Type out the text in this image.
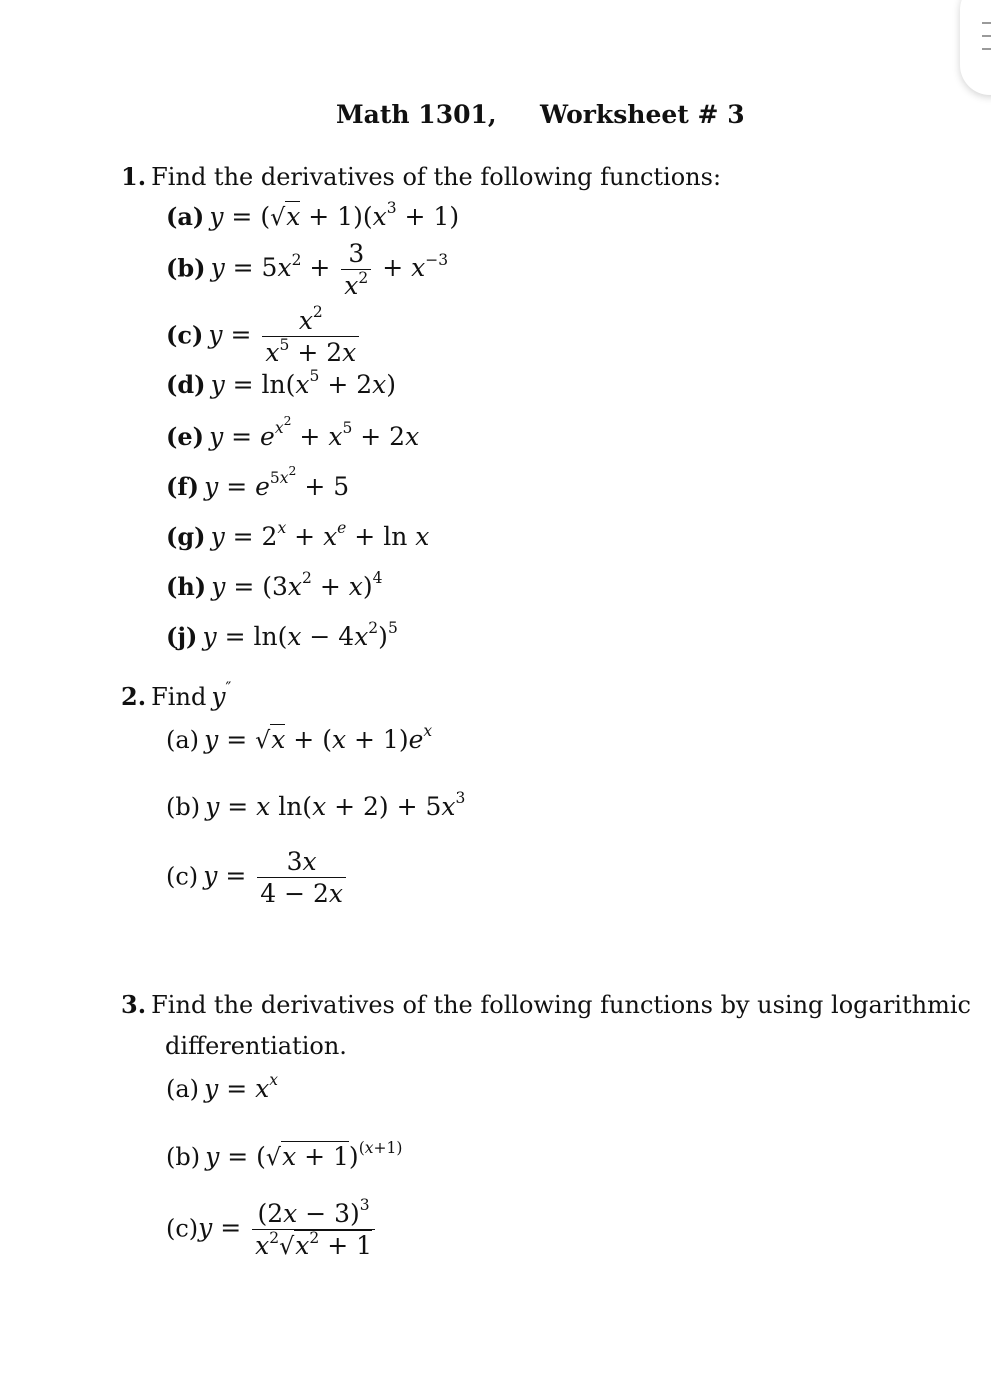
Math 1301, Worksheet # 3
1. Find the derivatives of the following functions:
(a) $y = (√x + 1)(x^3 + 1)$
(b) $y = 5x^2 + \frac{3}{x^2} + x^{-3}$
(c) $y = \frac{x^2}{x^5 + 2x}$
(d) $y = \ln(x^5 + 2x)$
(e) $y = e^{x^2} + x^5 + 2x$
(f) $y = e^{5x^2} + 5$
(g) $y = 2^x + x^e + \ln x$
(h) $y = (3x^2 + x)^4$
(j) $y = \ln(x - 4x^2)^5$
2. Find y″
(a) $y = √x + (x + 1)e^x$
(b) y = x $\ln(x + 2) + 5x^3$
(c) $y = \frac{3x}{4 - 2x}$
3. Find the derivatives of the following functions by using logarithmic
differentiation.
(a) $y = x^x$
(b) $y = (√x + 1)^{(x+1)}$
$(c)y = \frac{(2x - 3)^3}{x^2√x^2 + 1}$
